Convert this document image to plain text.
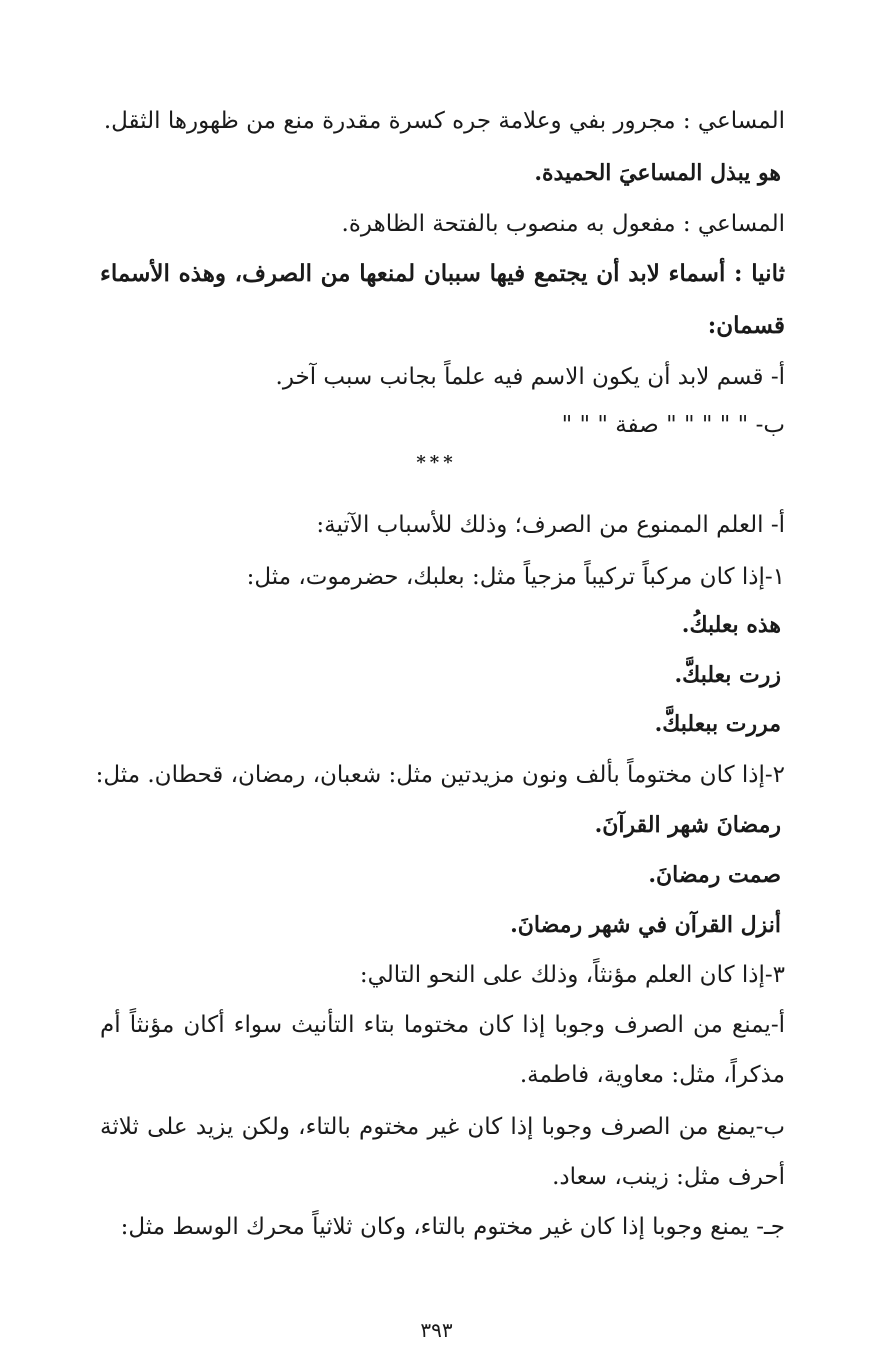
المساعي : مجرور بفي وعلامة جره كسرة مقدرة منع من ظهورها الثقل.
هو يبذل المساعيَ الحميدة.
المساعي : مفعول به منصوب بالفتحة الظاهرة.
ثانيا : أسماء لابد أن يجتمع فيها سببان لمنعها من الصرف، وهذه الأسماء
قسمان:
أ- قسم لابد أن يكون الاسم فيه علماً بجانب سبب آخر.
ب- " " " " " صفة " " "
***
أ- العلم الممنوع من الصرف؛ وذلك للأسباب الآتية:
١-إذا كان مركباً تركيباً مزجياً مثل: بعلبك، حضرموت، مثل:
هذه بعلبكُ.
زرت بعلبكَّ.
مررت ببعلبكَّ.
٢-إذا كان مختوماً بألف ونون مزيدتين مثل: شعبان، رمضان، قحطان. مثل:
رمضانَ شهر القرآنَ.
صمت رمضانَ.
أنزل القرآن في شهر رمضانَ.
٣-إذا كان العلم مؤنثاً، وذلك على النحو التالي:
أ-يمنع من الصرف وجوبا إذا كان مختوما بتاء التأنيث سواء أكان مؤنثاً أم
مذكراً، مثل: معاوية، فاطمة.
ب-يمنع من الصرف وجوبا إذا كان غير مختوم بالتاء، ولكن يزيد على ثلاثة
أحرف مثل: زينب، سعاد.
جـ- يمنع وجوبا إذا كان غير مختوم بالتاء، وكان ثلاثياً محرك الوسط مثل:
٣٩٣
